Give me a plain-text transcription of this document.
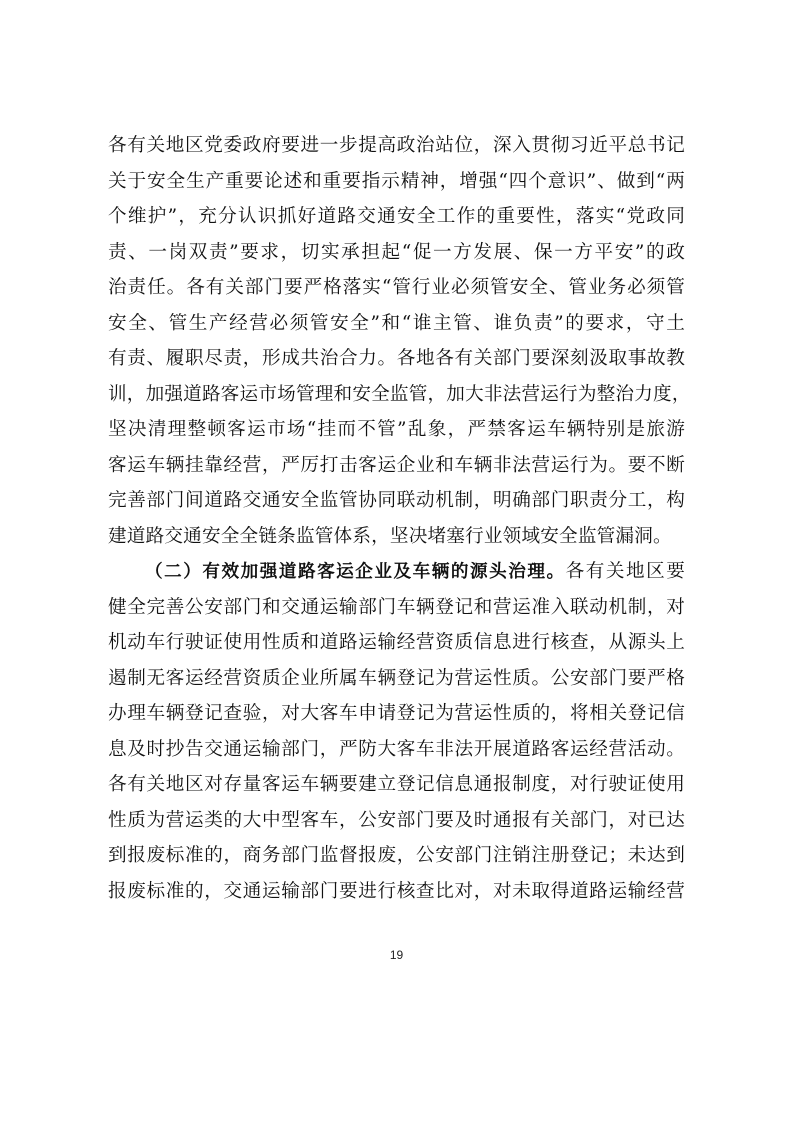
各有关地区党委政府要进一步提高政治站位，深入贯彻习近平总书记
关于安全生产重要论述和重要指示精神，增强“四个意识”、做到“两
个维护”，充分认识抓好道路交通安全工作的重要性，落实“党政同
责、一岗双责”要求，切实承担起“促一方发展、保一方平安”的政
治责任。各有关部门要严格落实“管行业必须管安全、管业务必须管
安全、管生产经营必须管安全”和“谁主管、谁负责”的要求，守土
有责、履职尽责，形成共治合力。各地各有关部门要深刻汲取事故教
训，加强道路客运市场管理和安全监管，加大非法营运行为整治力度，
坚决清理整顿客运市场“挂而不管”乱象，严禁客运车辆特别是旅游
客运车辆挂靠经营，严厉打击客运企业和车辆非法营运行为。要不断
完善部门间道路交通安全监管协同联动机制，明确部门职责分工，构
建道路交通安全全链条监管体系，坚决堵塞行业领域安全监管漏洞。
（二）有效加强道路客运企业及车辆的源头治理。各有关地区要
健全完善公安部门和交通运输部门车辆登记和营运准入联动机制，对
机动车行驶证使用性质和道路运输经营资质信息进行核查，从源头上
遏制无客运经营资质企业所属车辆登记为营运性质。公安部门要严格
办理车辆登记查验，对大客车申请登记为营运性质的，将相关登记信
息及时抄告交通运输部门，严防大客车非法开展道路客运经营活动。
各有关地区对存量客运车辆要建立登记信息通报制度，对行驶证使用
性质为营运类的大中型客车，公安部门要及时通报有关部门，对已达
到报废标准的，商务部门监督报废，公安部门注销注册登记；未达到
报废标准的，交通运输部门要进行核查比对，对未取得道路运输经营
19
